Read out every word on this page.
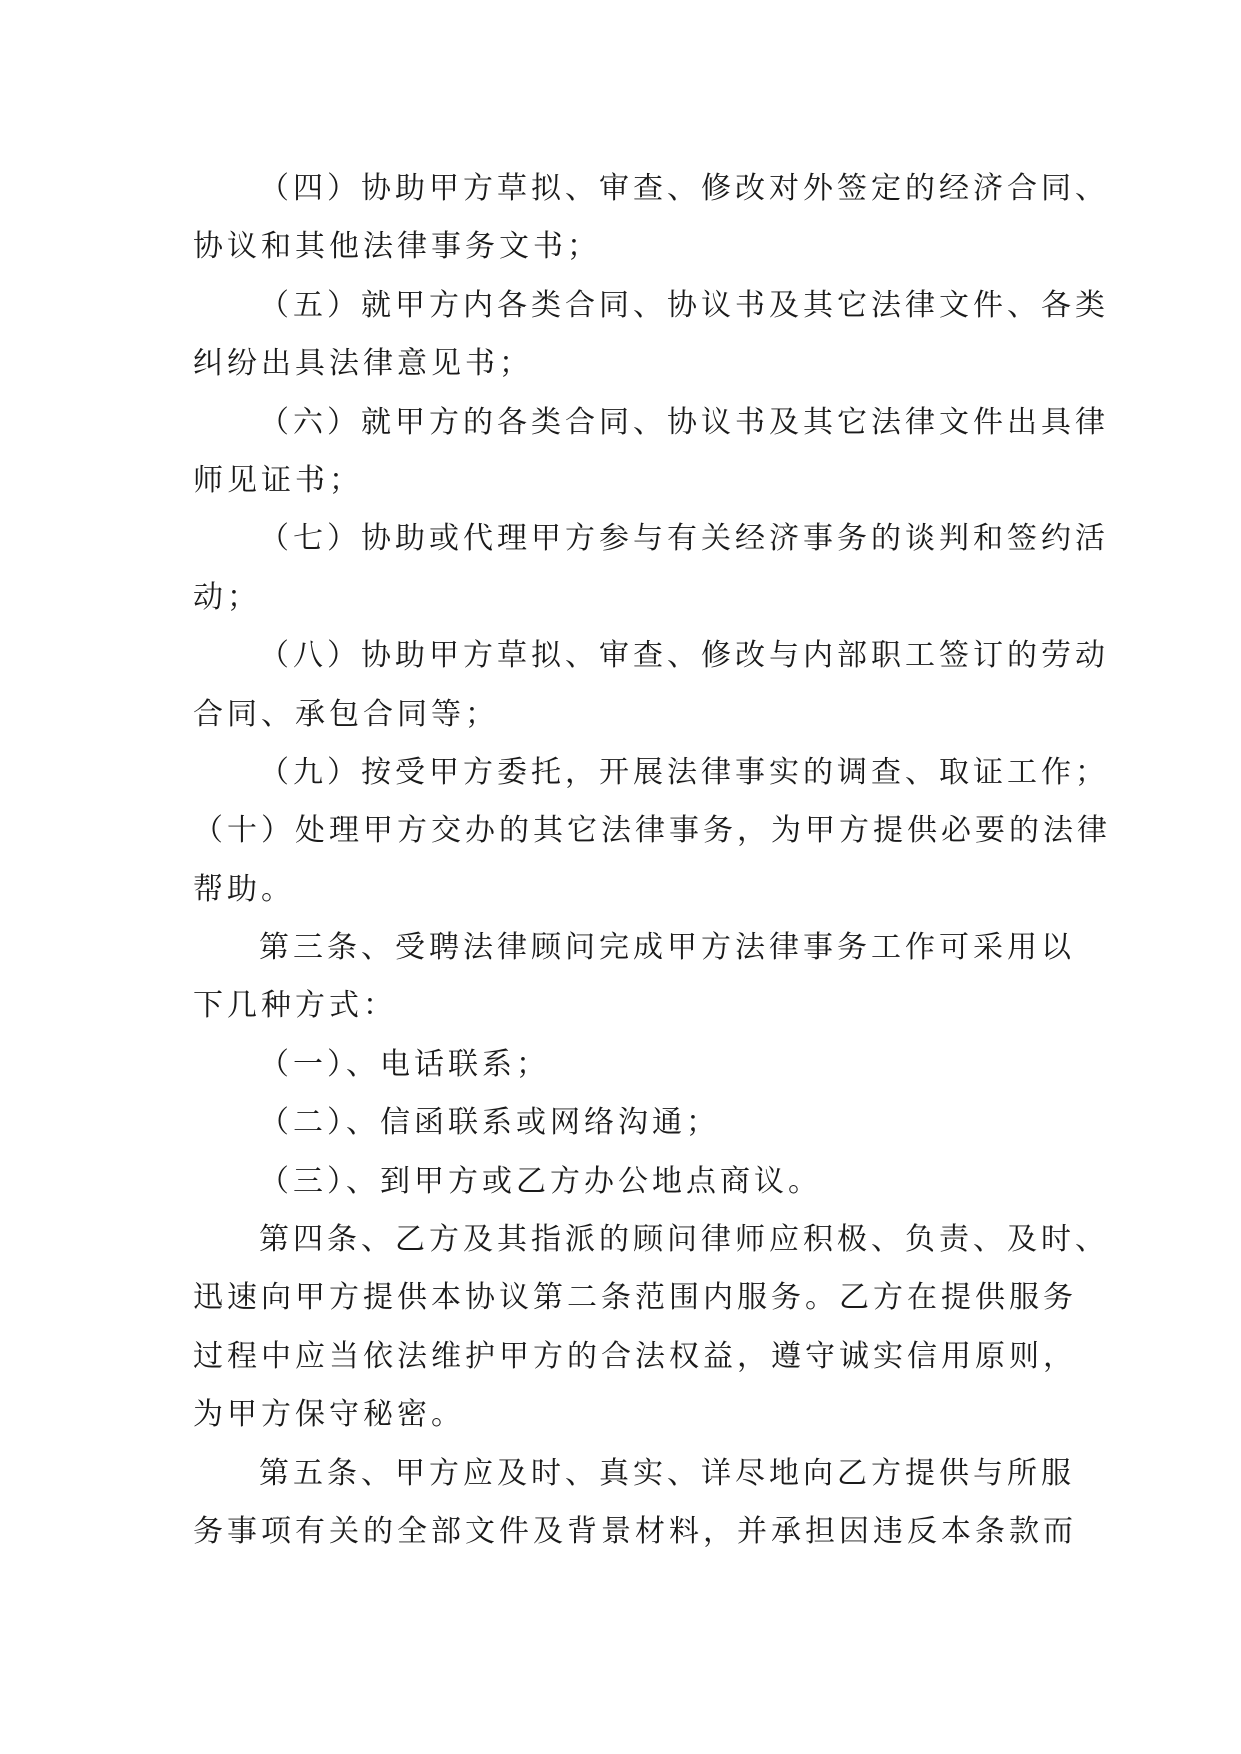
（四）协助甲方草拟、审查、修改对外签定的经济合同、
协议和其他法律事务文书；
（五）就甲方内各类合同、协议书及其它法律文件、各类
纠纷出具法律意见书；
（六）就甲方的各类合同、协议书及其它法律文件出具律
师见证书；
（七）协助或代理甲方参与有关经济事务的谈判和签约活
动；
（八）协助甲方草拟、审查、修改与内部职工签订的劳动
合同、承包合同等；
（九）按受甲方委托，开展法律事实的调查、取证工作；
（十）处理甲方交办的其它法律事务，为甲方提供必要的法律
帮助。
第三条、受聘法律顾问完成甲方法律事务工作可采用以
下几种方式：
（一）、电话联系；
（二）、信函联系或网络沟通；
（三）、到甲方或乙方办公地点商议。
第四条、乙方及其指派的顾问律师应积极、负责、及时、
迅速向甲方提供本协议第二条范围内服务。乙方在提供服务
过程中应当依法维护甲方的合法权益，遵守诚实信用原则，
为甲方保守秘密。
第五条、甲方应及时、真实、详尽地向乙方提供与所服
务事项有关的全部文件及背景材料，并承担因违反本条款而
